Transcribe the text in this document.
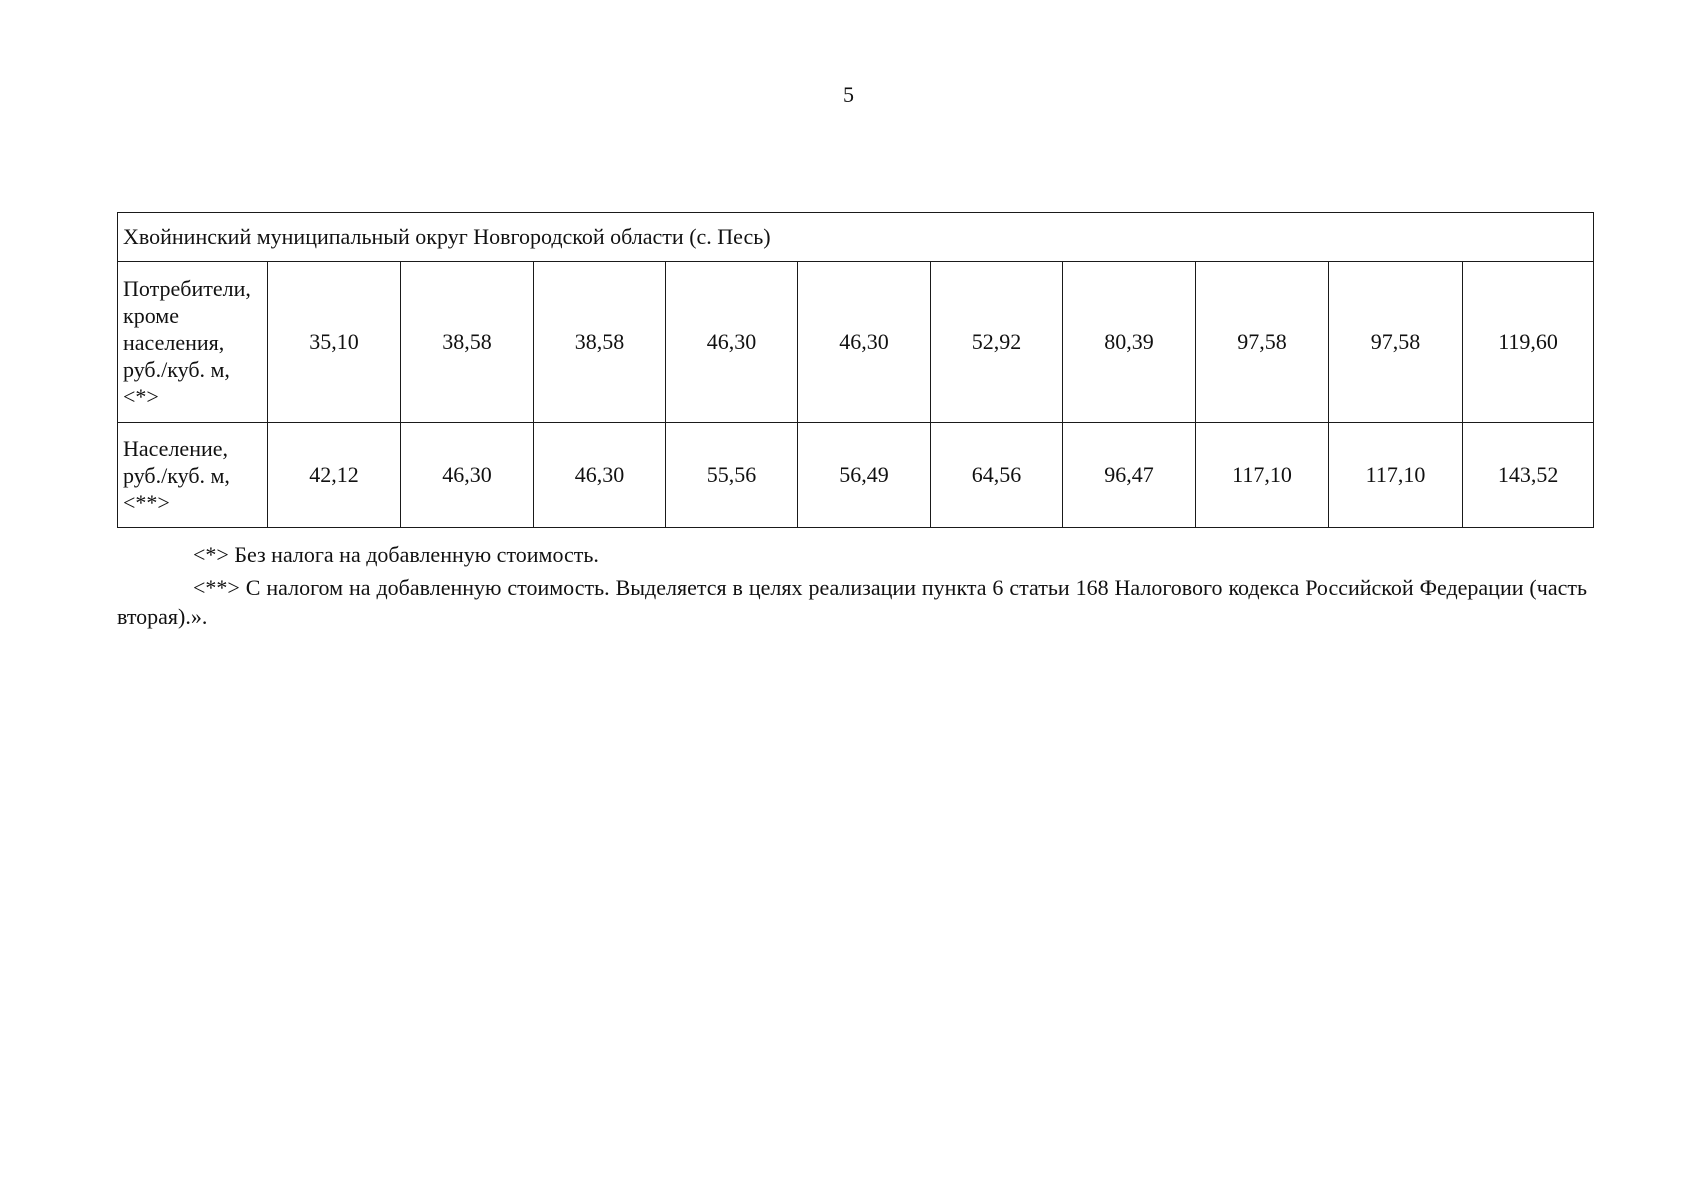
5
Хвойнинский муниципальный округ Новгородской области (с. Песь)										
Потребители, кроме населения, руб./куб. м, <*>	35,10	38,58	38,58	46,30	46,30	52,92	80,39	97,58	97,58	119,60
Население, руб./куб. м, <**>	42,12	46,30	46,30	55,56	56,49	64,56	96,47	117,10	117,10	143,52
<*> Без налога на добавленную стоимость.
<**> С налогом на добавленную стоимость. Выделяется в целях реализации пункта 6 статьи 168 Налогового кодекса Российской Федерации (часть вторая).».
